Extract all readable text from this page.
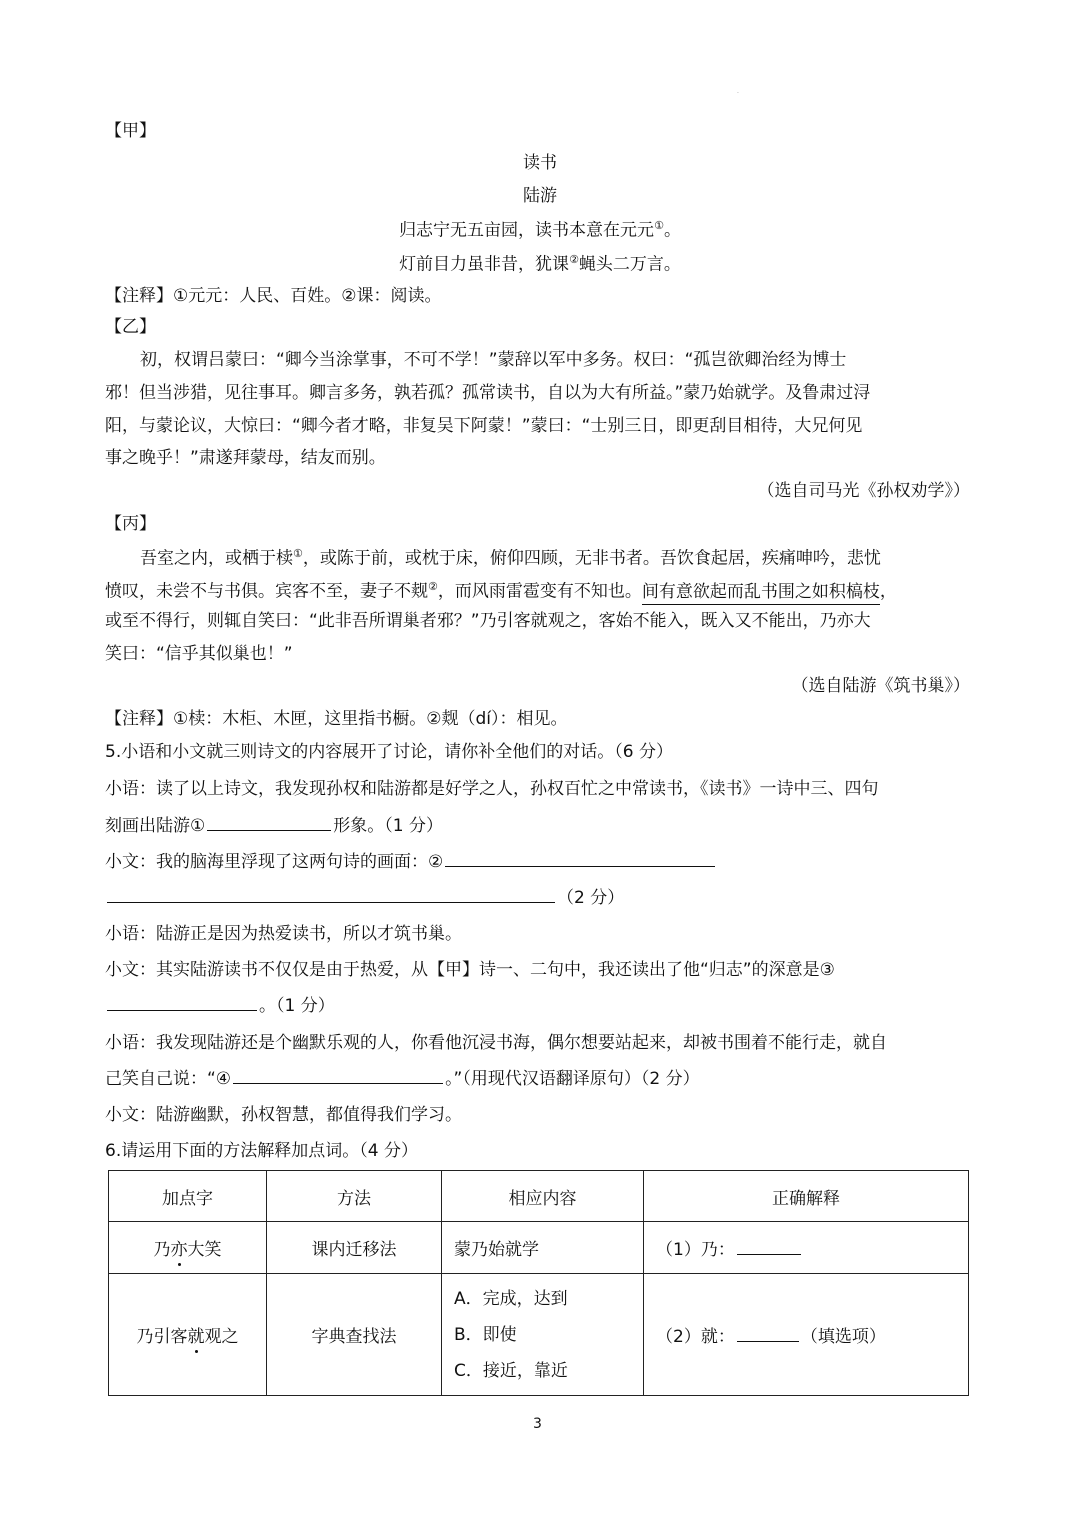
·
【甲】
读书
陆游
归志宁无五亩园，读书本意在元元①。
灯前目力虽非昔，犹课②蝇头二万言。
【注释】①元元：人民、百姓。②课：阅读。
【乙】
初，权谓吕蒙曰：“卿今当涂掌事，不可不学！”蒙辞以军中多务。权曰：“孤岂欲卿治经为博士
邪！但当涉猎，见往事耳。卿言多务，孰若孤？孤常读书，自以为大有所益。”蒙乃始就学。及鲁肃过浔
阳，与蒙论议，大惊曰：“卿今者才略，非复吴下阿蒙！”蒙曰：“士别三日，即更刮目相待，大兄何见
事之晚乎！”肃遂拜蒙母，结友而别。
（选自司马光《孙权劝学》）
【丙】
吾室之内，或栖于椟①，或陈于前，或枕于床，俯仰四顾，无非书者。吾饮食起居，疾痛呻吟，悲忧
愤叹，未尝不与书俱。宾客不至，妻子不觌②，而风雨雷雹变有不知也。间有意欲起而乱书围之如积槁枝，
或至不得行，则辄自笑曰：“此非吾所谓巢者邪？”乃引客就观之，客始不能入，既入又不能出，乃亦大
笑曰：“信乎其似巢也！”
（选自陆游《筑书巢》）
【注释】①椟：木柜、木匣，这里指书橱。②觌（dí）：相见。
5.小语和小文就三则诗文的内容展开了讨论，请你补全他们的对话。（6 分）
小语：读了以上诗文，我发现孙权和陆游都是好学之人，孙权百忙之中常读书，《读书》一诗中三、四句
刻画出陆游①	形象。（1 分）
小文：我的脑海里浮现了这两句诗的画面：②
（2 分）
小语：陆游正是因为热爱读书，所以才筑书巢。
小文：其实陆游读书不仅仅是由于热爱，从【甲】诗一、二句中，我还读出了他“归志”的深意是③
。（1 分）
小语：我发现陆游还是个幽默乐观的人，你看他沉浸书海，偶尔想要站起来，却被书围着不能行走，就自
己笑自己说：“④	。”（用现代汉语翻译原句）（2 分）
小文：陆游幽默，孙权智慧，都值得我们学习。
6.请运用下面的方法解释加点词。（4 分）
加点字	方法	相应内容	正确解释
乃亦大笑	课内迁移法	蒙乃始就学	（1）乃：
乃引客就观之	字典查找法	A．完成，达到
B．即使
C．接近，靠近	（2）就： （填选项）
3
